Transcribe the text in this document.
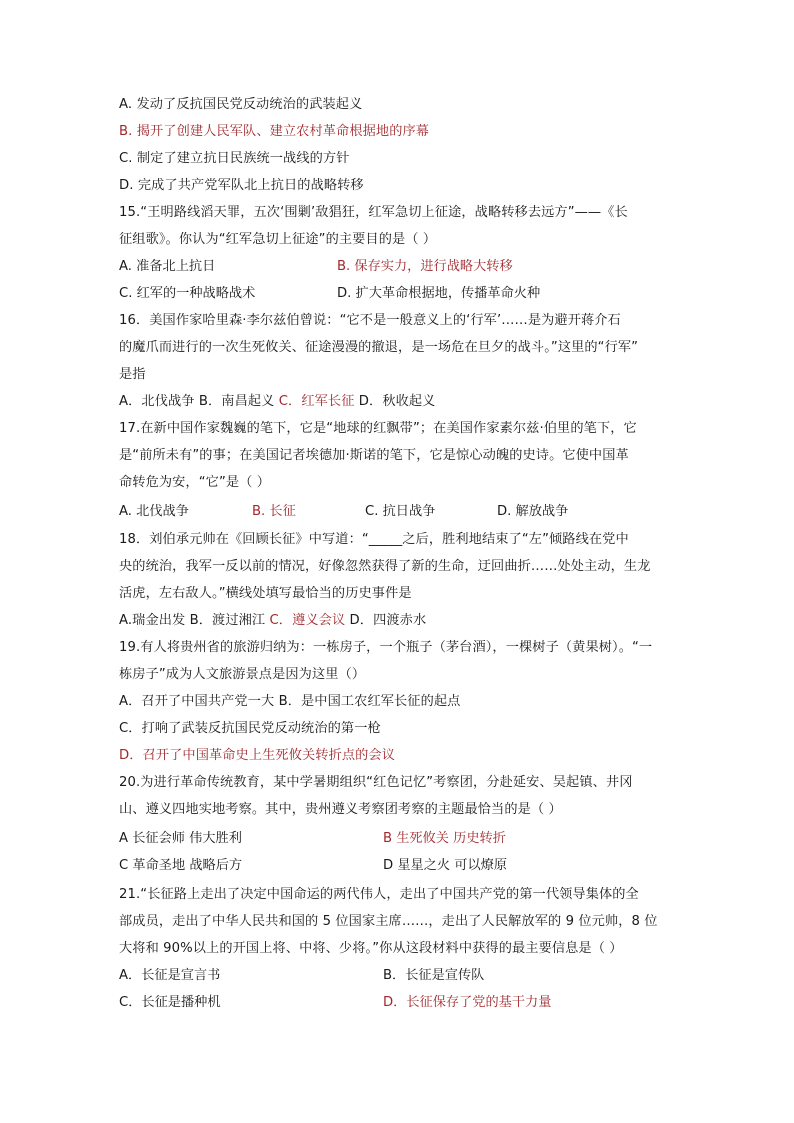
A. 发动了反抗国民党反动统治的武装起义
B. 揭开了创建人民军队、建立农村革命根据地的序幕
C. 制定了建立抗日民族统一战线的方针
D. 完成了共产党军队北上抗日的战略转移
15.“王明路线滔天罪，五次‘围剿’敌猖狂，红军急切上征途，战略转移去远方”——《长
征组歌》。你认为“红军急切上征途”的主要目的是（ ）
A. 准备北上抗日	B. 保存实力，进行战略大转移
C. 红军的一种战略战术	D. 扩大革命根据地，传播革命火种
16．美国作家哈里森·李尔兹伯曾说：“它不是一般意义上的‘行军’……是为避开蒋介石
的魔爪而进行的一次生死攸关、征途漫漫的撤退，是一场危在旦夕的战斗。”这里的“行军”
是指
A．北伐战争 B．南昌起义 C．红军长征 D．秋收起义
17.在新中国作家魏巍的笔下，它是“地球的红飘带”；在美国作家素尔兹·伯里的笔下，它
是“前所未有”的事；在美国记者埃德加·斯诺的笔下，它是惊心动魄的史诗。它使中国革
命转危为安，“它”是（ ）
A. 北伐战争	B. 长征	C. 抗日战争	D. 解放战争
18．刘伯承元帅在《回顾长征》中写道：“_____之后，胜利地结束了“左”倾路线在党中
央的统治，我军一反以前的情况，好像忽然获得了新的生命，迂回曲折……处处主动，生龙
活虎，左右敌人。”横线处填写最恰当的历史事件是
A.瑞金出发 B．渡过湘江 C．遵义会议 D．四渡赤水
19.有人将贵州省的旅游归纳为：一栋房子，一个瓶子（茅台酒），一棵树子（黄果树）。“一
栋房子”成为人文旅游景点是因为这里（）
A．召开了中国共产党一大 B．是中国工农红军长征的起点
C．打响了武装反抗国民党反动统治的第一枪
D．召开了中国革命史上生死攸关转折点的会议
20.为进行革命传统教育，某中学暑期组织“红色记忆”考察团，分赴延安、吴起镇、井冈
山、遵义四地实地考察。其中，贵州遵义考察团考察的主题最恰当的是（ ）
A 长征会师 伟大胜利	B 生死攸关 历史转折
C 革命圣地 战略后方	D 星星之火 可以燎原
21.“长征路上走出了决定中国命运的两代伟人，走出了中国共产党的第一代领导集体的全
部成员，走出了中华人民共和国的 5 位国家主席……，走出了人民解放军的 9 位元帅，8 位
大将和 90%以上的开国上将、中将、少将。”你从这段材料中获得的最主要信息是（ ）
A．长征是宣言书	B．长征是宣传队
C．长征是播种机	D．长征保存了党的基干力量
